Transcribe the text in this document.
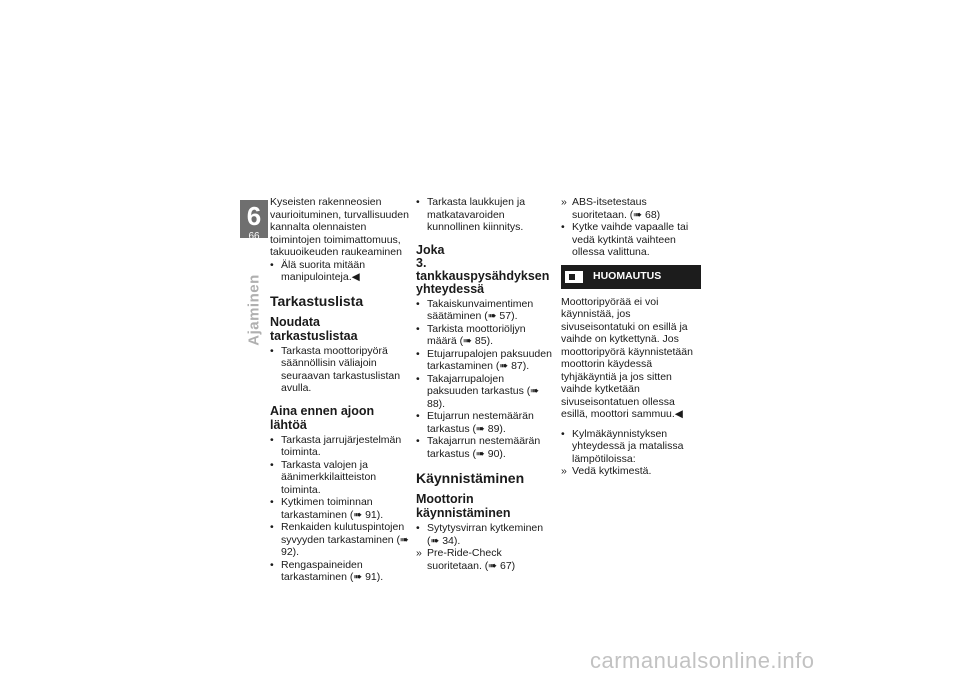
6
66
Ajaminen

Kyseisten rakenneosien vaurioituminen, turvallisuuden kannalta olennaisten toimintojen toimimattomuus, takuuoikeuden raukeaminen

• Älä suorita mitään manipulointeja.◀
Tarkastuslista
Noudata tarkastuslistaa
• Tarkasta moottoripyörä säännöllisin väliajoin seuraavan tarkastuslistan avulla.
Aina ennen ajoon lähtöä
• Tarkasta jarrujärjestelmän toiminta.
• Tarkasta valojen ja äänimerkkilaitteiston toiminta.
• Kytkimen toiminnan tarkastaminen (➠ 91).
• Renkaiden kulutuspintojen syvyyden tarkastaminen (➠ 92).
• Rengaspaineiden tarkastaminen (➠ 91).
• Tarkasta laukkujen ja matkatavaroiden kunnollinen kiinnitys.
Joka
3. tankkauspysähdyksen yhteydessä
• Takaiskunvaimentimen säätäminen (➠ 57).
• Tarkista moottoriöljyn määrä (➠ 85).
• Etujarrupalojen paksuuden tarkastaminen (➠ 87).
• Takajarrupalojen paksuuden tarkastus (➠ 88).
• Etujarrun nestemäärän tarkastus (➠ 89).
• Takajarrun nestemäärän tarkastus (➠ 90).
Käynnistäminen
Moottorin käynnistäminen
• Sytytysvirran kytkeminen (➠ 34).
» Pre-Ride-Check suoritetaan. (➠ 67)
» ABS-itsetestaus suoritetaan. (➠ 68)
• Kytke vaihde vapaalle tai vedä kytkintä vaihteen ollessa valittuna.
HUOMAUTUS

Moottoripyörää ei voi käynnistää, jos sivuseisontatuki on esillä ja vaihde on kytkettynä. Jos moottoripyörä käynnistetään moottorin käydessä tyhjäkäyntiä ja jos sitten vaihde kytketään sivuseisontatuen ollessa esillä, moottori sammuu.◀

• Kylmäkäynnistyksen yhteydessä ja matalissa lämpötiloissa:
» Vedä kytkimestä.
carmanualsonline.info
